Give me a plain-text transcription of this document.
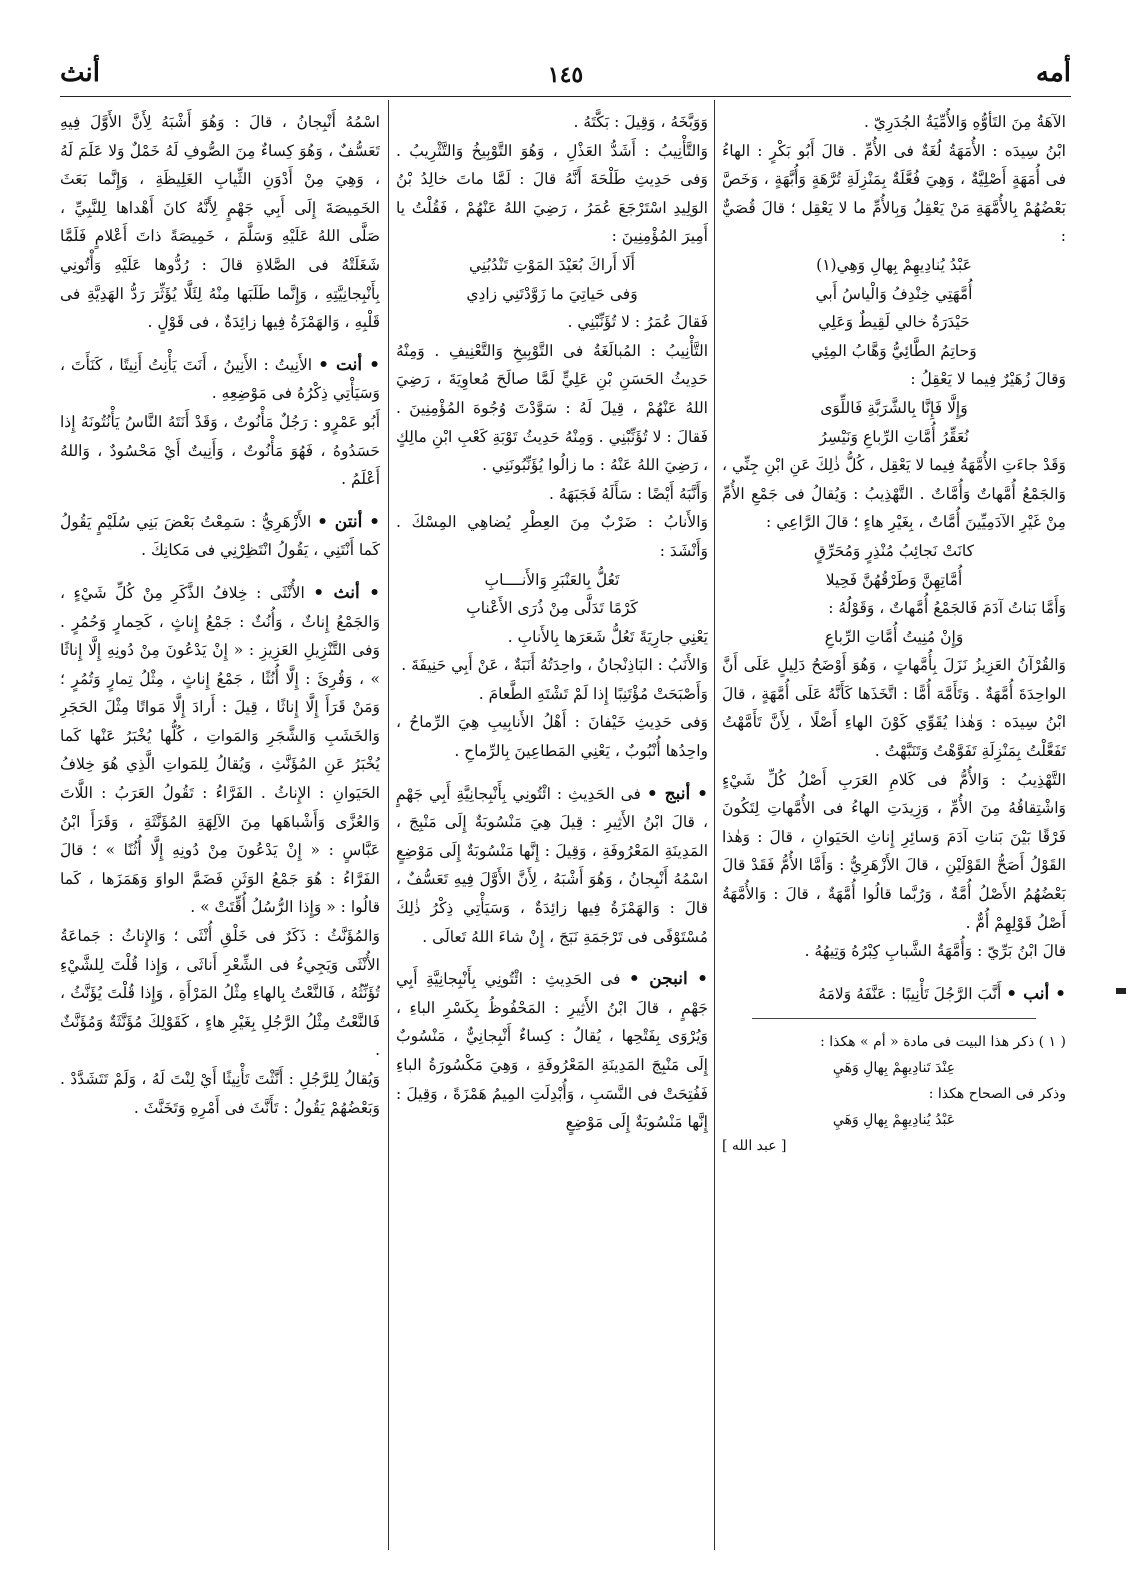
أمه
١٤٥
أنث

الآهَةُ مِنَ التَأوُّهِ وَالأُمِّيَةُ الجُدَرِيّ .

ابْنُ سِيدَه : الأُمَهَةُ لُغَةٌ فى الأُمِّ . قالَ أَبُو بَكْرٍ : الهاءُ فى أُمَهَةٍ أَصْلِيَّةٌ ، وَهِيَ فُعَّلَةٌ بِمَنْزِلَةِ تُرَّهَةٍ وَأُبَّهَةٍ ، وَخَصَّ بَعْضُهُمْ بِالأُمَّهَةِ مَنْ يَعْقِلُ وَبِالأُمِّ ما لا يَعْقِل ؛ قالَ قُصَيٌّ :

عَبْدُ يُنادِيهِمْ بِهالِ وَهِي(١)

أُمَّهَتِي خِنْدِفُ وَالْياسُ أَبي

حَيْدَرَةُ خالي لَقِيطٌ وَعَلِي

وَحاتِمُ الطَّائِيُّ وَهَّابُ المِئِي

وَقالَ زُهَيْرٌ فِيما لا يَعْقِلُ :

وَإِلَّا فَإِنَّا بِالشَّرَبَّةِ فَاللِّوَى

نُعَقِّرُ أُمَّاتِ الرِّباعِ وَنَيْسِرُ

وَقَدْ جاءَتِ الأُمَّهَةُ فِيما لا يَعْقِل ، كُلُّ ذٰلِكَ عَنِ ابْنِ جِنِّي ، وَالجَمْعُ أُمَّهاتٌ وَأُمَّاتٌ . التَّهْذِيبُ : وَيُقالُ فى جَمْعِ الأُمِّ مِنْ غَيْرِ الآدَمِيِّينَ أُمَّاتٌ ، بِغَيْرِ هاءٍ ؛ قالَ الرَّاعِي :

كانَتْ نَجائِبُ مُنْذِرٍ وَمُحَرِّقٍ

أُمَّاتِهِنَّ وَطَرْقُهُنَّ فَحِيلا

وَأَمَّا بَناتُ آدَمَ فَالجَمْعُ أُمَّهاتٌ ، وَقَوْلُهُ :

وَإِنْ مُنِيتُ أُمَّاتِ الرِّباعِ

وَالقُرْآنُ العَزِيزُ نَزَلَ بِأُمَّهاتٍ ، وَهُوَ أَوْضَحُ دَلِيلٍ عَلَى أَنَّ الواحِدَةَ أُمَّهَةٌ . وَتَأَمَّهَ أُمًّا : اتَّخَذَها كَأَنَّهُ عَلَى أُمَّهَةٍ ، قالَ ابْنُ سِيدَه : وَهٰذا يُقَوِّي كَوْنَ الهاءِ أَصْلًا ، لِأَنَّ تَأَمَّهْتُ تَفَعَّلْتُ بِمَنْزِلَةِ تَفَوَّهْتُ وَتَنَبَّهْتُ .

التَّهْذِيبُ : وَالأُمُّ فى كَلامِ العَرَبِ أَصْلُ كُلِّ شَيْءٍ وَاشْتِقاقُهُ مِنَ الأُمِّ ، وَزِيدَتِ الهاءُ فى الأُمَّهاتِ لِتَكُونَ فَرْقًا بَيْنَ بَناتِ آدَمَ وَسائِرِ إِناثِ الحَيَوانِ ، قالَ : وَهٰذا القَوْلُ أَصَحُّ القَوْلَيْنِ ، قالَ الأَزْهَرِيُّ : وَأَمَّا الأُمُّ فَقَدْ قالَ بَعْضُهُمُ الأَصْلُ أُمَّةٌ ، وَرُبَّما قالُوا أُمَّهَةٌ ، قالَ : وَالأُمَّهَةُ أَصْلُ قَوْلِهِمْ أُمٌّ .

قالَ ابْنُ بَرِّيّ : وَأُمَّهَةُ الشَّبابِ كِبْرُهُ وَتِيهُهُ .

• أنب • أَنَّبَ الرَّجُلَ تَأْنِيبًا : عَنَّفَهُ وَلامَهُ

( ١ ) ذكر هذا البيت فى مادة « أم » هكذا :

عِنْدَ تَنادِيهِمْ بِهالِ وَهَيِ

وذكر فى الصحاح هكذا :

عَبْدُ يُنادِيهِمْ بِهالِ وَهَيِ

[ عبد الله ]

وَوَبَّخَهُ ، وَقِيلَ : بَكَّتَهُ .

وَالتَّأْنِيبُ : أَشَدُّ العَذْلِ ، وَهُوَ التَّوْبِيخُ وَالتَّثْرِيبُ . وَفى حَدِيثِ طَلْحَةَ أَنَّهُ قالَ : لَمَّا ماتَ خالِدُ بْنُ الوَلِيدِ اسْتَرْجَعَ عُمَرُ ، رَضِيَ اللهُ عَنْهُمْ ، فَقُلْتُ يا أَمِيرَ المُؤْمِنِينَ :

أَلَا أَراكَ بُعَيْدَ المَوْتِ تَنْدُبُنِي

وَفى حَياتِيَ ما زَوَّدْتَنِي زادِي

فَقالَ عُمَرُ : لا تُؤَنِّبْنِي .

التَّأْنِيبُ : المُبالَغَةُ فى التَّوْبِيخِ وَالتَّعْنِيفِ . وَمِنْهُ حَدِيثُ الحَسَنِ بْنِ عَلِيٍّ لَمَّا صالَحَ مُعاوِيَةَ ، رَضِيَ اللهُ عَنْهُمْ ، قِيلَ لَهُ : سَوَّدْتَ وُجُوهَ المُؤْمِنِينَ . فَقالَ : لا تُؤَنِّبْنِي . وَمِنْهُ حَدِيثُ تَوْبَةِ كَعْبِ ابْنِ مالِكٍ ، رَضِيَ اللهُ عَنْهُ : ما زالُوا يُؤَنِّبُونَنِي .

وَأَنَّبَهُ أَيْضًا : سَأَلَهُ فَجَبَهَهُ .

وَالأَنابُ : ضَرْبٌ مِنَ العِطْرِ يُضاهِي المِسْكَ . وَأَنْشَدَ :

تَعُلُّ بِالعَنْبَرِ وَالأَنــــابِ

كَرْمًا تَدَلَّى مِنْ ذُرَى الأَعْنابِ

يَعْنِي جارِيَةً تَعُلُّ شَعَرَها بِالأَنابِ .

وَالأَنَبُ : البَاذِنْجانُ ، واحِدَتُهُ أَنَبَةٌ ، عَنْ أَبِي حَنِيفَةَ .

وَأَصْبَحَتْ مُؤْتَنِبًا إِذا لَمْ تَشْتَهِ الطَّعامَ .

وَفى حَدِيثِ خَيْفانَ : أَهْلُ الأَنابِيبِ هِيَ الرِّماحُ ، واحِدُها أُنْبُوبٌ ، يَعْنِي المَطاعِينَ بِالرِّماحِ .

• أنبج • فى الحَدِيثِ : ائْتُونِي بِأَنْبِجانِيَّةِ أَبِي جَهْمٍ ، قالَ ابْنُ الأَثِيرِ : قِيلَ هِيَ مَنْسُوبَةٌ إِلَى مَنْبِجَ ، المَدِينَةِ المَعْرُوفَةِ ، وَقِيلَ : إِنَّها مَنْسُوبَةٌ إِلَى مَوْضِعٍ اسْمُهُ أَنْبِجانُ ، وَهُوَ أَشْبَهُ ، لِأَنَّ الأَوَّلَ فِيهِ تَعَسُّفٌ ، قالَ : وَالهَمْزَةُ فِيها زائِدَةٌ ، وَسَيَأْتِي ذِكْرُ ذٰلِكَ مُسْتَوْفًى فى تَرْجَمَةِ نَبَجَ ، إِنْ شاءَ اللهُ تَعالَى .

• انبجن • فى الحَدِيثِ : ائْتُونِي بِأَنْبِجانِيَّةِ أَبِي جَهْمٍ ، قالَ ابْنُ الأَثِيرِ : المَحْفُوظُ بِكَسْرِ الباءِ ، وَيُرْوَى بِفَتْحِها ، يُقالُ : كِساءٌ أَنْبِجانِيٌّ ، مَنْسُوبٌ إِلَى مَنْبِجَ المَدِينَةِ المَعْرُوفَةِ ، وَهِيَ مَكْسُورَةُ الباءِ فَفُتِحَتْ فى النَّسَبِ ، وَأُبْدِلَتِ المِيمُ هَمْزَةً ، وَقِيلَ : إِنَّها مَنْسُوبَةٌ إِلَى مَوْضِعٍ

اسْمُهُ أَنْبِجانُ ، قالَ : وَهُوَ أَشْبَهُ لِأَنَّ الأَوَّلَ فِيهِ تَعَسُّفٌ ، وَهُوَ كِساءٌ مِنَ الصُّوفِ لَهُ خَمْلٌ وَلا عَلَمَ لَهُ ، وَهِيَ مِنْ أَدْوَنِ الثِّيابِ الغَلِيظَةِ ، وَإِنَّما بَعَثَ الخَمِيصَةَ إِلَى أَبِي جَهْمٍ لِأَنَّهُ كانَ أَهْداها لِلنَّبِيِّ ، صَلَّى اللهُ عَلَيْهِ وَسَلَّمَ ، خَمِيصَةً ذاتَ أَعْلامٍ فَلَمَّا شَغَلَتْهُ فى الصَّلاةِ قالَ : رُدُّوها عَلَيْهِ وَأْتُونِي بِأَنْبِجانِيَّتِهِ ، وَإِنَّما طَلَبَها مِنْهُ لِئَلَّا يُؤَثِّرَ رَدُّ الهَدِيَّةِ فى قَلْبِهِ ، وَالهَمْزَةُ فِيها زائِدَةٌ ، فى قَوْلٍ .

• أنت • الأَنِيتُ : الأَنِينُ ، أَنَتَ يَأْنِتُ أَنِيتًا ، كَنَأَتَ ، وَسَيَأْتِي ذِكْرُهُ فى مَوْضِعِهِ .

أَبُو عَمْرٍو : رَجُلٌ مَأْنُوتٌ ، وَقَدْ أَنَتَهُ النَّاسُ يَأْنُتُونَهُ إِذا حَسَدُوهُ ، فَهُوَ مَأْنُوتٌ ، وَأَنِيتٌ أَيْ مَحْسُودٌ ، وَاللهُ أَعْلَمُ .

• أنتن • الأَزْهَرِيُّ : سَمِعْتُ بَعْضَ بَنِي سُلَيْمٍ يَقُولُ كَما أَنْتَنِي ، يَقُولُ انْتَظِرْنِي فى مَكانِكَ .

• أنث • الأُنْثَى : خِلافُ الذَّكَرِ مِنْ كُلِّ شَيْءٍ ، وَالجَمْعُ إِناثٌ ، وَأُنُثٌ : جَمْعُ إِناثٍ ، كَحِمارٍ وَحُمُرٍ . وَفى التَّنْزِيلِ العَزِيزِ : « إِنْ يَدْعُونَ مِنْ دُونِهِ إِلَّا إِناثًا » ، وَقُرِئَ : إِلَّا أُنُثًا ، جَمْعُ إِناثٍ ، مِثْلُ تِمارٍ وَتُمُرٍ ؛ وَمَنْ قَرَأَ إِلَّا إِناثًا ، قِيلَ : أَرادَ إِلَّا مَواتًا مِثْلَ الحَجَرِ وَالخَشَبِ وَالشَّجَرِ وَالمَواتِ ، كُلُّها يُخْبَرُ عَنْها كَما يُخْبَرُ عَنِ المُؤَنَّثِ ، وَيُقالُ لِلمَواتِ الَّذِي هُوَ خِلافُ الحَيَوانِ : الإِناثُ . الفَرَّاءُ : تَقُولُ العَرَبُ : اللَّاتَ وَالعُزَّى وَأَشْباهَها مِنَ الآلِهَةِ المُؤَنَّثَةِ ، وَقَرَأَ ابْنُ عَبَّاسٍ : « إِنْ يَدْعُونَ مِنْ دُونِهِ إِلَّا أُثُنًا » ؛ قالَ الفَرَّاءُ : هُوَ جَمْعُ الوَثَنِ فَضَمَّ الواوَ وَهَمَزَها ، كَما قالُوا : « وَإِذا الرُّسُلُ أُقِّتَتْ » .

وَالمُؤَنَّثُ : ذَكَرٌ فى خَلْقِ أُنْثَى ؛ وَالإِناثُ : جَماعَةُ الأُنْثَى وَيَجِيءُ فى الشِّعْرِ أَناثَى ، وَإِذا قُلْتَ لِلشَّيْءِ تُؤَنِّثُهُ ، فَالنَّعْتُ بِالهاءِ مِثْلُ المَرْأَةِ ، وَإِذا قُلْتَ يُؤَنَّثُ ، فَالنَّعْتُ مِثْلُ الرَّجُلِ بِغَيْرِ هاءٍ ، كَقَوْلِكَ مُؤَنَّثَةٌ وَمُؤَنَّثٌ .

وَيُقالُ لِلرَّجُلِ : أَنَّثْتَ تَأْنِيثًا أَيْ لِنْتَ لَهُ ، وَلَمْ تَتَشَدَّدْ . وَبَعْضُهُمْ يَقُولُ : تَأَنَّثَ فى أَمْرِهِ وَتَخَنَّثَ .
